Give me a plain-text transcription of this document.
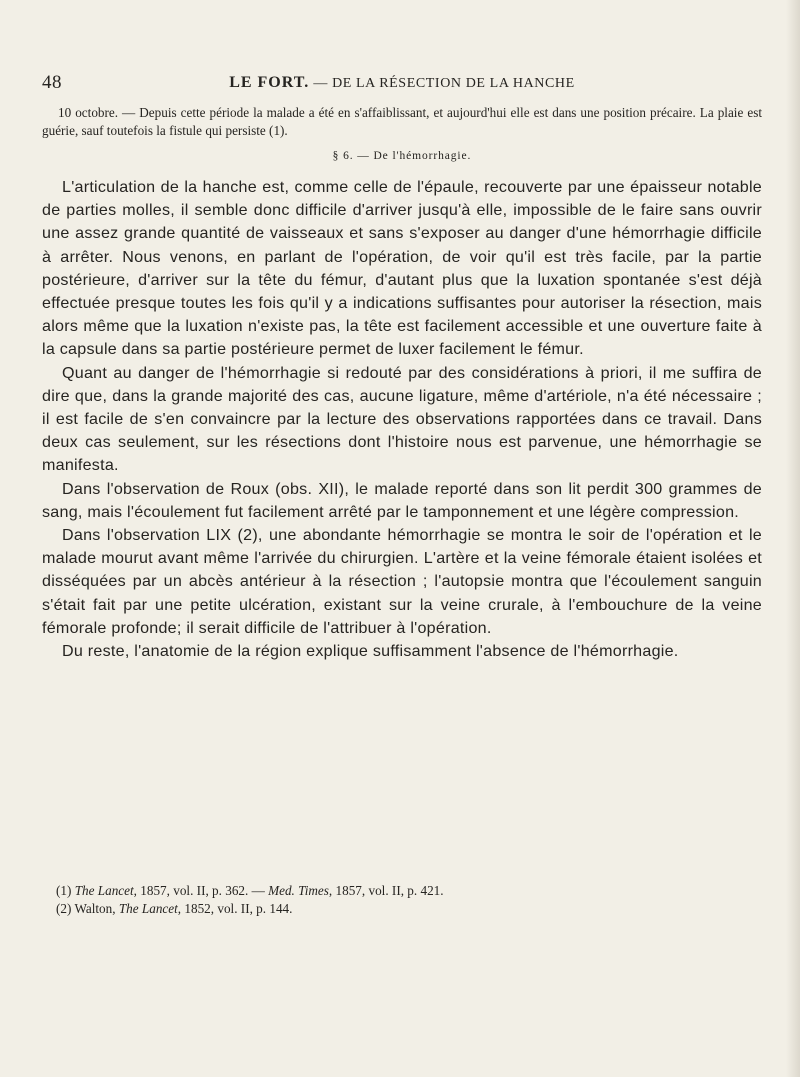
48	LE FORT. — DE LA RÉSECTION DE LA HANCHE
10 octobre. — Depuis cette période la malade a été en s'affaiblissant, et aujourd'hui elle est dans une position précaire. La plaie est guérie, sauf toutefois la fistule qui persiste (1).
§ 6. — De l'hémorrhagie.

L'articulation de la hanche est, comme celle de l'épaule, recouverte par une épaisseur notable de parties molles, il semble donc difficile d'arriver jusqu'à elle, impossible de le faire sans ouvrir une assez grande quantité de vaisseaux et sans s'exposer au danger d'une hémorrhagie difficile à arrêter. Nous venons, en parlant de l'opération, de voir qu'il est très facile, par la partie postérieure, d'arriver sur la tête du fémur, d'autant plus que la luxation spontanée s'est déjà effectuée presque toutes les fois qu'il y a indications suffisantes pour autoriser la résection, mais alors même que la luxation n'existe pas, la tête est facilement accessible et une ouverture faite à la capsule dans sa partie postérieure permet de luxer facilement le fémur.

Quant au danger de l'hémorrhagie si redouté par des considérations à priori, il me suffira de dire que, dans la grande majorité des cas, aucune ligature, même d'artériole, n'a été nécessaire ; il est facile de s'en convaincre par la lecture des observations rapportées dans ce travail. Dans deux cas seulement, sur les résections dont l'histoire nous est parvenue, une hémorrhagie se manifesta.

Dans l'observation de Roux (obs. XII), le malade reporté dans son lit perdit 300 grammes de sang, mais l'écoulement fut facilement arrêté par le tamponnement et une légère compression.

Dans l'observation LIX (2), une abondante hémorrhagie se montra le soir de l'opération et le malade mourut avant même l'arrivée du chirurgien. L'artère et la veine fémorale étaient isolées et disséquées par un abcès antérieur à la résection ; l'autopsie montra que l'écoulement sanguin s'était fait par une petite ulcération, existant sur la veine crurale, à l'embouchure de la veine fémorale profonde; il serait difficile de l'attribuer à l'opération.

Du reste, l'anatomie de la région explique suffisamment l'absence de l'hémorrhagie.

(1) The Lancet, 1857, vol. II, p. 362. — Med. Times, 1857, vol. II, p. 421.

(2) Walton, The Lancet, 1852, vol. II, p. 144.
